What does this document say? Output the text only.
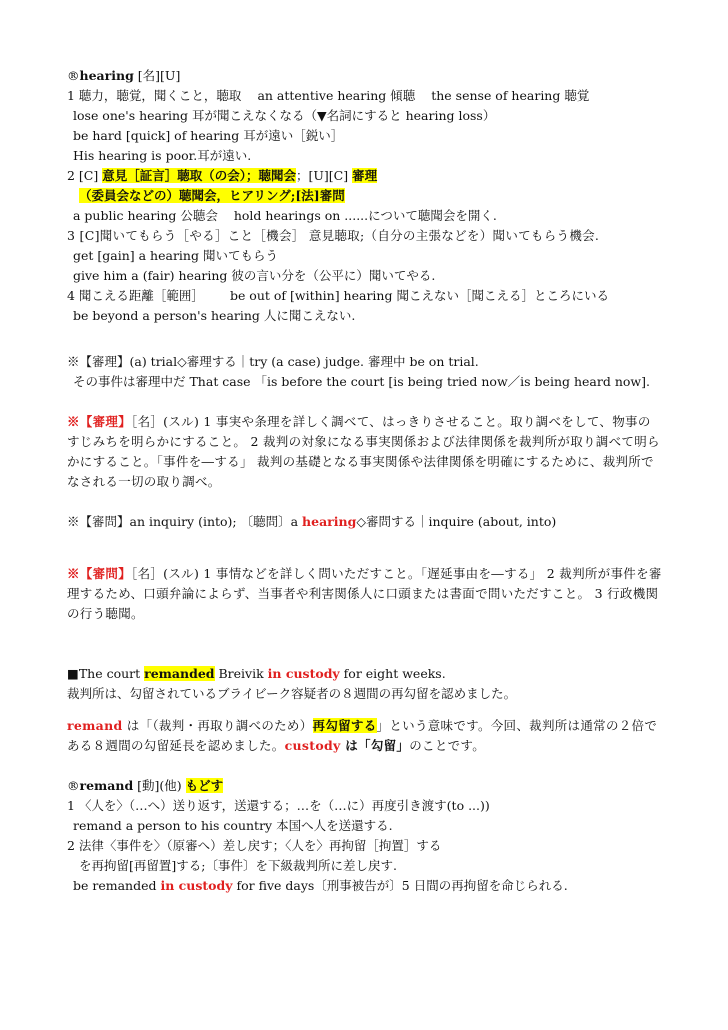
®hearing [名][U]
1 聴力，聴覚，聞くこと，聴取 an attentive hearing 傾聴 the sense of hearing 聴覚
lose one's hearing 耳が聞こえなくなる（▼名詞にすると hearing loss）
be hard [quick] of hearing 耳が遠い［鋭い］
His hearing is poor.耳が遠い.
2 [C] 意見［証言］聴取（の会）；聴聞会；[U][C] 審理
（委員会などの）聴聞会，ヒアリング;[法]審問
a public hearing 公聴会 hold hearings on ......について聴聞会を開く.
3 [C]聞いてもらう［やる］こと［機会］ 意見聴取;（自分の主張などを）聞いてもらう機会.
get [gain] a hearing 聞いてもらう
give him a (fair) hearing 彼の言い分を（公平に）聞いてやる.
4 聞こえる距離［範囲］ be out of [within] hearing 聞こえない［聞こえる］ところにいる
be beyond a person's hearing 人に聞こえない.
※【審理】(a) trial◇審理する｜try (a case) judge. 審理中 be on trial.
その事件は審理中だ That case 「is before the court [is being tried now／is being heard now].
※【審理】［名］(スル) 1 事実や条理を詳しく調べて、はっきりさせること。取り調べをして、物事のすじみちを明らかにすること。 2 裁判の対象になる事実関係および法律関係を裁判所が取り調べて明らかにすること。「事件を―する」 裁判の基礎となる事実関係や法律関係を明確にするために、裁判所でなされる一切の取り調べ。
※【審問】an inquiry (into); 〔聴問〕a hearing◇審問する｜inquire (about, into)
※【審問】［名］(スル) 1 事情などを詳しく問いただすこと。「遅延事由を―する」 2 裁判所が事件を審理するため、口頭弁論によらず、当事者や利害関係人に口頭または書面で問いただすこと。 3 行政機関の行う聴聞。
■The court remanded Breivik in custody for eight weeks.
裁判所は、勾留されているブライビーク容疑者の８週間の再勾留を認めました。
remand は「（裁判・再取り調べのため）再勾留する」という意味です。今回、裁判所は通常の２倍である８週間の勾留延長を認めました。custody は「勾留」のことです。
®remand [動](他) もどす
1 〈人を〉（…へ）送り返す，送還する；…を（…に）再度引き渡す(to ...))
remand a person to his country 本国へ人を送還する.
2 法律〈事件を〉（原審へ）差し戻す；〈人を〉再拘留［拘置］する
を再拘留[再留置]する;〔事件〕を下級裁判所に差し戻す.
be remanded in custody for five days〔刑事被告が〕5 日間の再拘留を命じられる.
